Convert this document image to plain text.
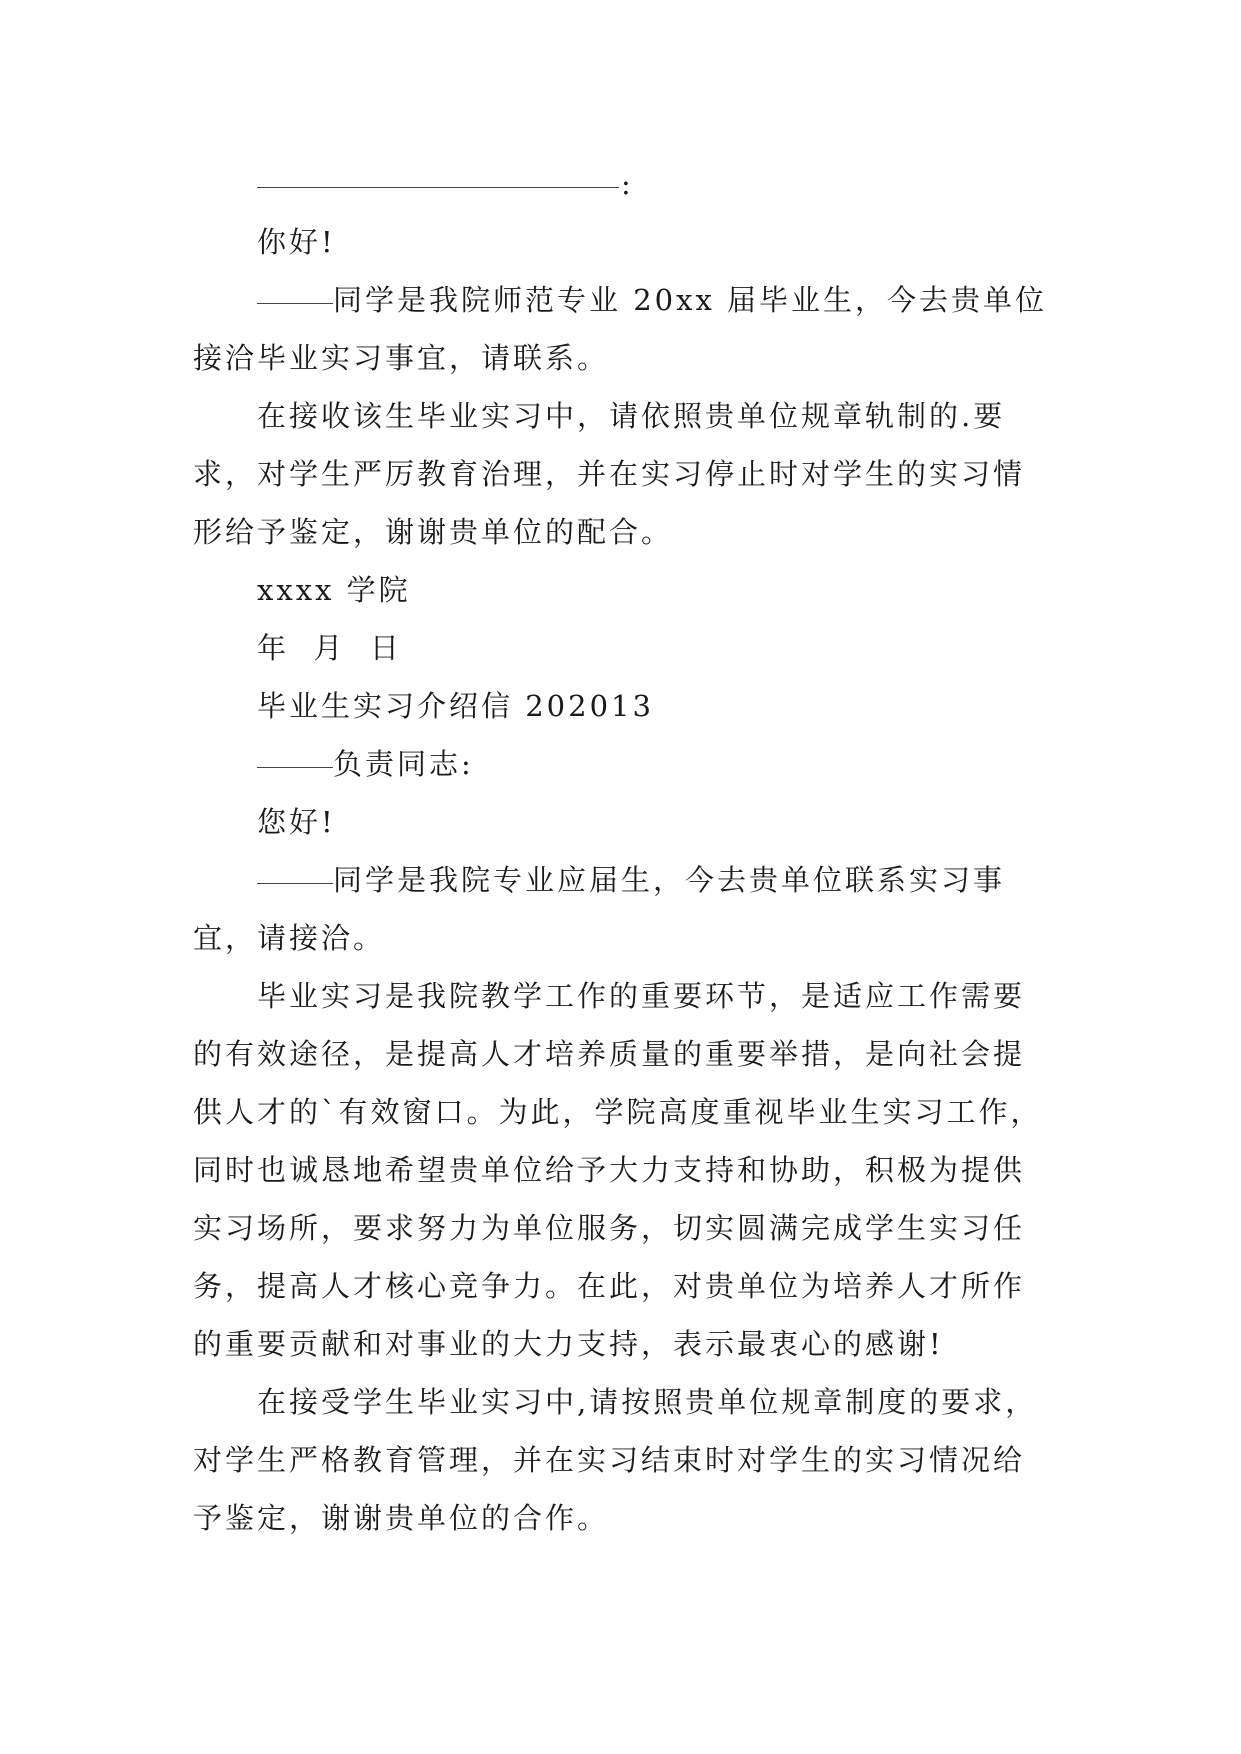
:

你好!

同学是我院师范专业 20xx 届毕业生，今去贵单位

接洽毕业实习事宜，请联系。

在接收该生毕业实习中，请依照贵单位规章轨制的.要

求，对学生严厉教育治理，并在实习停止时对学生的实习情

形给予鉴定，谢谢贵单位的配合。

xxxx 学院

年  月  日

毕业生实习介绍信 202013

负责同志:

您好!

同学是我院专业应届生，今去贵单位联系实习事

宜，请接洽。

毕业实习是我院教学工作的重要环节，是适应工作需要

的有效途径，是提高人才培养质量的重要举措，是向社会提

供人才的`有效窗口。为此，学院高度重视毕业生实习工作，

同时也诚恳地希望贵单位给予大力支持和协助，积极为提供

实习场所，要求努力为单位服务，切实圆满完成学生实习任

务，提高人才核心竞争力。在此，对贵单位为培养人才所作

的重要贡献和对事业的大力支持，表示最衷心的感谢!

在接受学生毕业实习中,请按照贵单位规章制度的要求，

对学生严格教育管理，并在实习结束时对学生的实习情况给

予鉴定，谢谢贵单位的合作。
